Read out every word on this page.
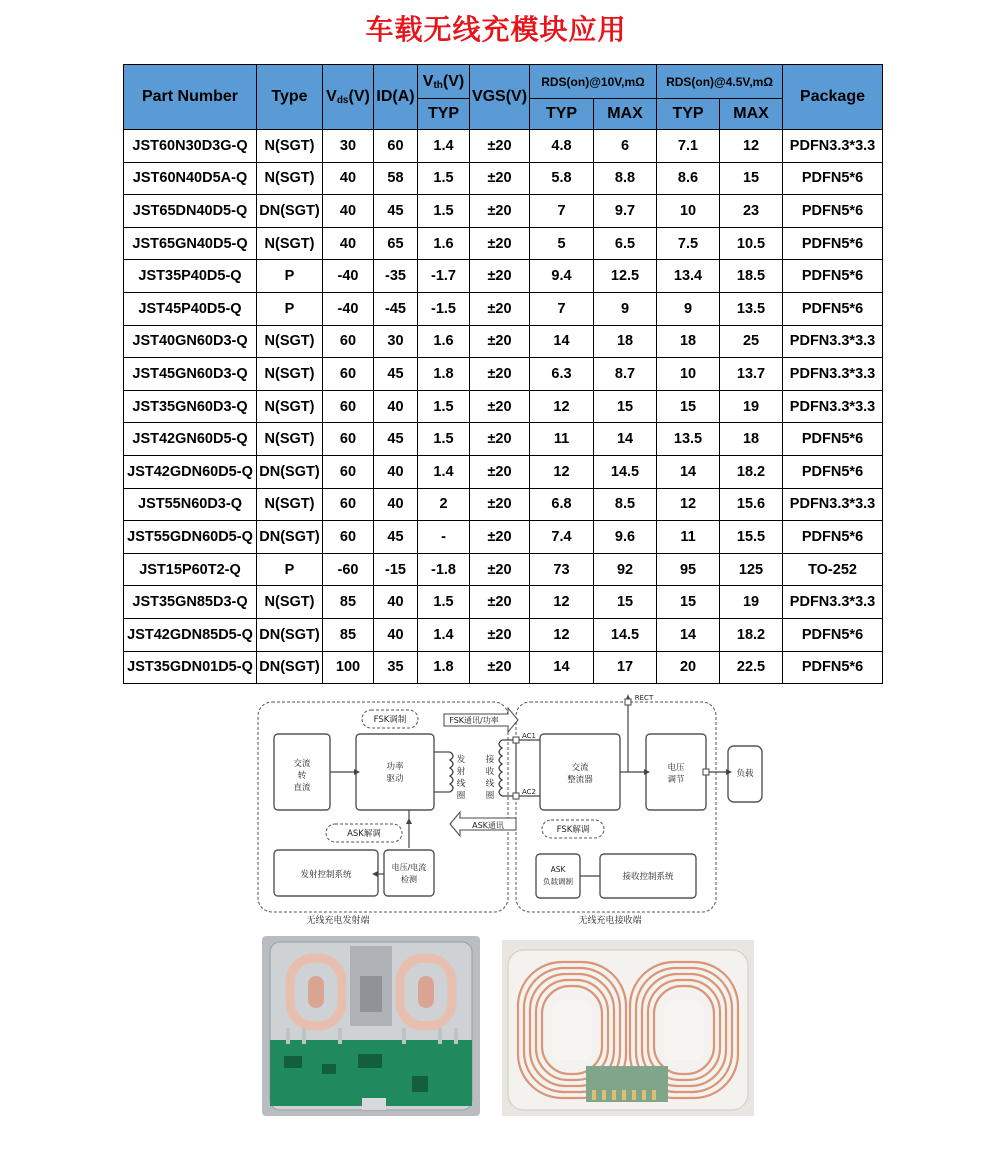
车载无线充模块应用
Part Number	Type	$V_{ds}(V)$	ID(A)	$V_{th}(V)$	VGS(V)	RDS(on)@10V,mΩ		RDS(on)@4.5V,mΩ		Package
				TYP		TYP	MAX	TYP	MAX	
JST60N30D3G-Q	N(SGT)	30	60	1.4	±20	4.8	6	7.1	12	PDFN3.3*3.3
JST60N40D5A-Q	N(SGT)	40	58	1.5	±20	5.8	8.8	8.6	15	PDFN5*6
JST65DN40D5-Q	DN(SGT)	40	45	1.5	±20	7	9.7	10	23	PDFN5*6
JST65GN40D5-Q	N(SGT)	40	65	1.6	±20	5	6.5	7.5	10.5	PDFN5*6
JST35P40D5-Q	P	-40	-35	-1.7	±20	9.4	12.5	13.4	18.5	PDFN5*6
JST45P40D5-Q	P	-40	-45	-1.5	±20	7	9	9	13.5	PDFN5*6
JST40GN60D3-Q	N(SGT)	60	30	1.6	±20	14	18	18	25	PDFN3.3*3.3
JST45GN60D3-Q	N(SGT)	60	45	1.8	±20	6.3	8.7	10	13.7	PDFN3.3*3.3
JST35GN60D3-Q	N(SGT)	60	40	1.5	±20	12	15	15	19	PDFN3.3*3.3
JST42GN60D5-Q	N(SGT)	60	45	1.5	±20	11	14	13.5	18	PDFN5*6
JST42GDN60D5-Q	DN(SGT)	60	40	1.4	±20	12	14.5	14	18.2	PDFN5*6
JST55N60D3-Q	N(SGT)	60	40	2	±20	6.8	8.5	12	15.6	PDFN3.3*3.3
JST55GDN60D5-Q	DN(SGT)	60	45	-	±20	7.4	9.6	11	15.5	PDFN5*6
JST15P60T2-Q	P	-60	-15	-1.8	±20	73	92	95	125	TO-252
JST35GN85D3-Q	N(SGT)	85	40	1.5	±20	12	15	15	19	PDFN3.3*3.3
JST42GDN85D5-Q	DN(SGT)	85	40	1.4	±20	12	14.5	14	18.2	PDFN5*6
JST35GDN01D5-Q	DN(SGT)	100	35	1.8	±20	14	17	20	22.5	PDFN5*6
FSK调制	FSK通讯/功率
交流
转
直流
功率
驱动
发
射
线
圈
接
收
线
圈
AC1
AC2
RECT
交流
整流器
电压
调节
负载
ASK解调
ASK通讯	FSK解调
发射控制系统
电压/电流
检测
ASK
负载调制	接收控制系统
无线充电发射端	无线充电接收端
